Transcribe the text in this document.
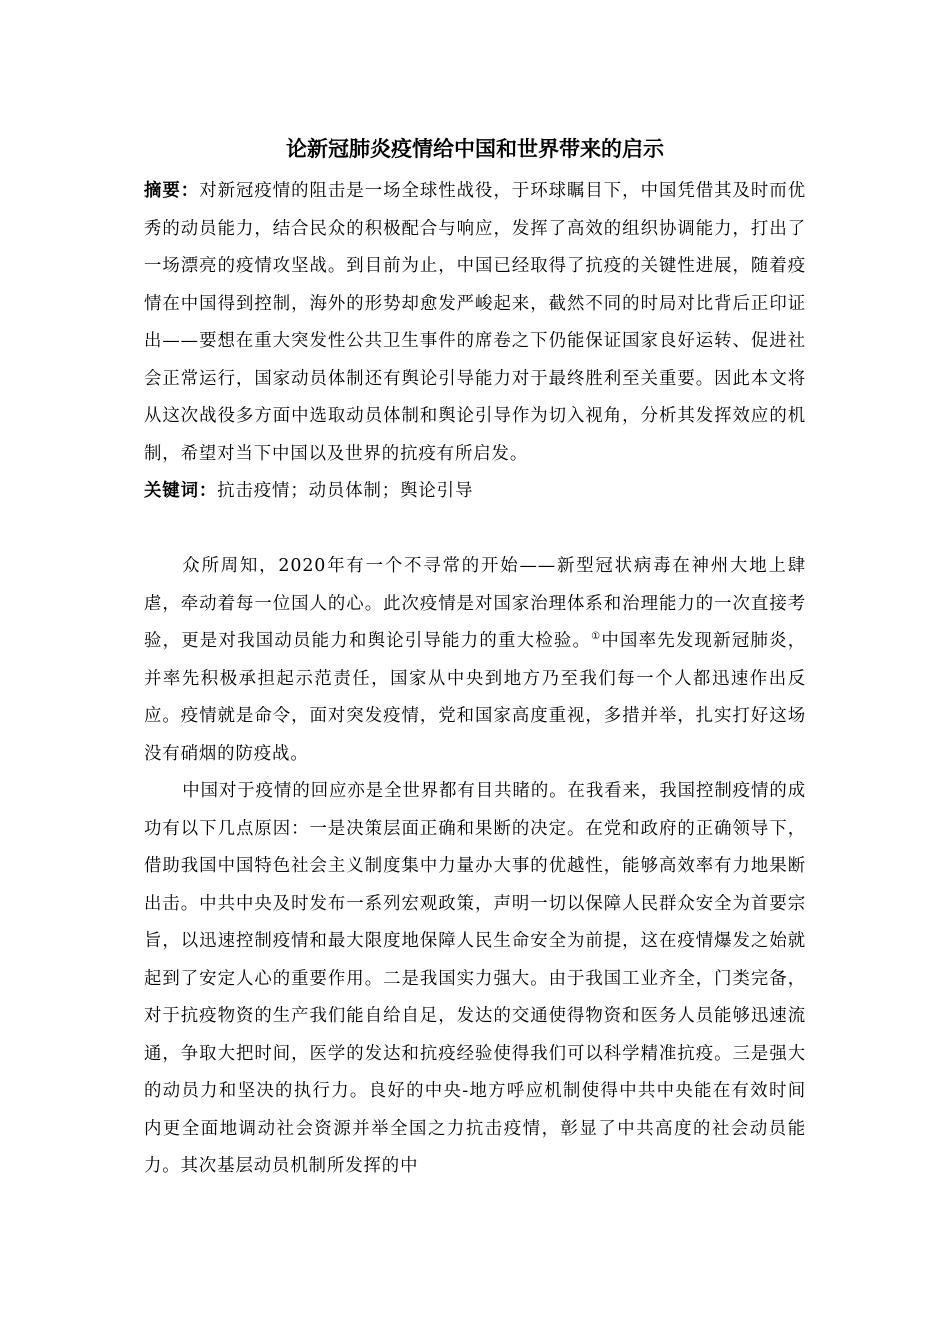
论新冠肺炎疫情给中国和世界带来的启示

摘要：对新冠疫情的阻击是一场全球性战役，于环球瞩目下，中国凭借其及时而优秀的动员能力，结合民众的积极配合与响应，发挥了高效的组织协调能力，打出了一场漂亮的疫情攻坚战。到目前为止，中国已经取得了抗疫的关键性进展，随着疫情在中国得到控制，海外的形势却愈发严峻起来，截然不同的时局对比背后正印证出——要想在重大突发性公共卫生事件的席卷之下仍能保证国家良好运转、促进社会正常运行，国家动员体制还有舆论引导能力对于最终胜利至关重要。因此本文将从这次战役多方面中选取动员体制和舆论引导作为切入视角，分析其发挥效应的机制，希望对当下中国以及世界的抗疫有所启发。

关键词：抗击疫情；动员体制；舆论引导

众所周知，2020年有一个不寻常的开始——新型冠状病毒在神州大地上肆虐，牵动着每一位国人的心。此次疫情是对国家治理体系和治理能力的一次直接考验，更是对我国动员能力和舆论引导能力的重大检验。①中国率先发现新冠肺炎，并率先积极承担起示范责任，国家从中央到地方乃至我们每一个人都迅速作出反应。疫情就是命令，面对突发疫情，党和国家高度重视，多措并举，扎实打好这场没有硝烟的防疫战。

中国对于疫情的回应亦是全世界都有目共睹的。在我看来，我国控制疫情的成功有以下几点原因：一是决策层面正确和果断的决定。在党和政府的正确领导下，借助我国中国特色社会主义制度集中力量办大事的优越性，能够高效率有力地果断出击。中共中央及时发布一系列宏观政策，声明一切以保障人民群众安全为首要宗旨，以迅速控制疫情和最大限度地保障人民生命安全为前提，这在疫情爆发之始就起到了安定人心的重要作用。二是我国实力强大。由于我国工业齐全，门类完备，对于抗疫物资的生产我们能自给自足，发达的交通使得物资和医务人员能够迅速流通，争取大把时间，医学的发达和抗疫经验使得我们可以科学精准抗疫。三是强大的动员力和坚决的执行力。良好的中央-地方呼应机制使得中共中央能在有效时间内更全面地调动社会资源并举全国之力抗击疫情，彰显了中共高度的社会动员能力。其次基层动员机制所发挥的中
